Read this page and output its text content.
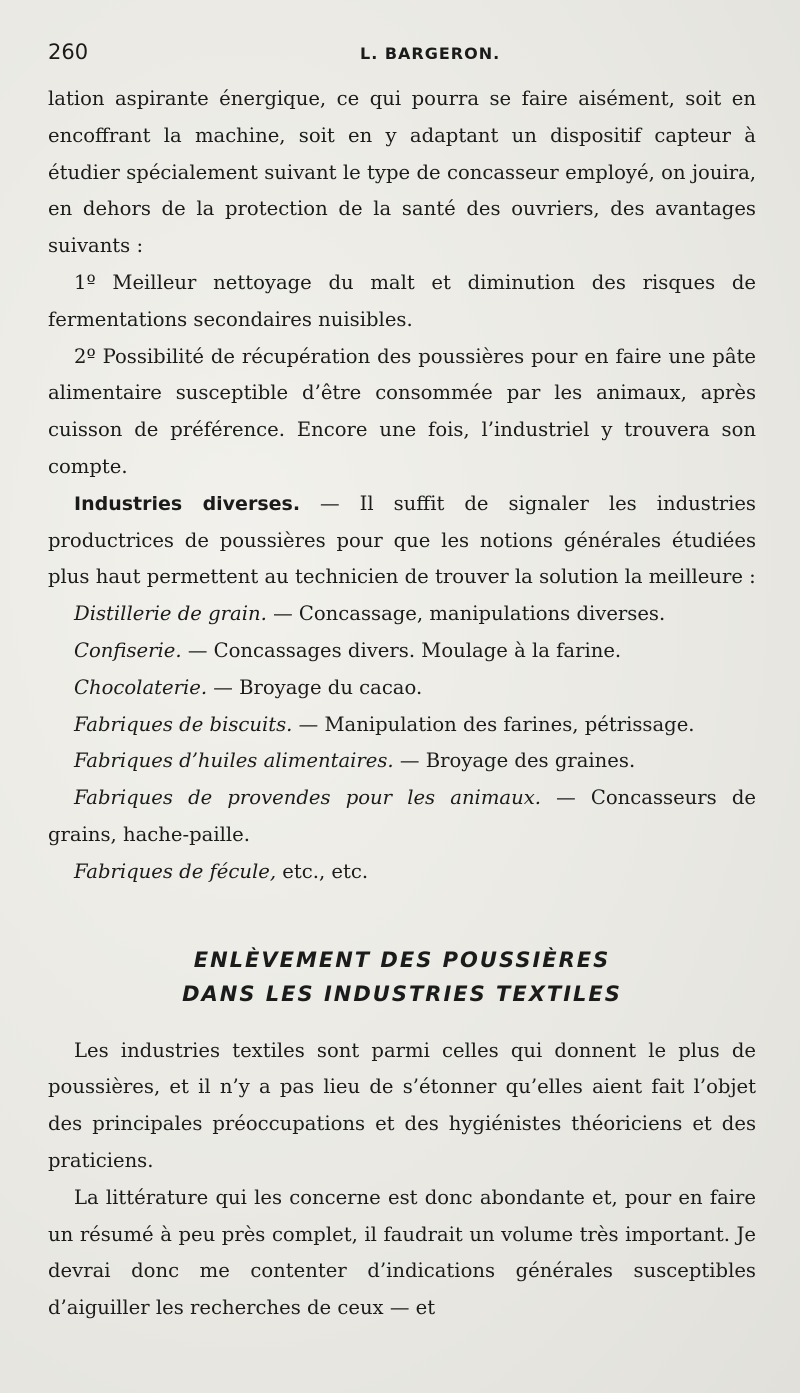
260	L. BARGERON.

lation aspirante énergique, ce qui pourra se faire aisément, soit en encoffrant la machine, soit en y adaptant un dispositif capteur à étudier spécialement suivant le type de concasseur employé, on jouira, en dehors de la protection de la santé des ouvriers, des avantages suivants :

1º Meilleur nettoyage du malt et diminution des risques de fermentations secondaires nuisibles.

2º Possibilité de récupération des poussières pour en faire une pâte alimentaire susceptible d’être consommée par les animaux, après cuisson de préférence. Encore une fois, l’industriel y trouvera son compte.

Industries diverses. — Il suffit de signaler les industries productrices de poussières pour que les notions générales étudiées plus haut permettent au technicien de trouver la solution la meilleure :

Distillerie de grain. — Concassage, manipulations diverses.

Confiserie. — Concassages divers. Moulage à la farine.

Chocolaterie. — Broyage du cacao.

Fabriques de biscuits. — Manipulation des farines, pétrissage.

Fabriques d’huiles alimentaires. — Broyage des graines.

Fabriques de provendes pour les animaux. — Concasseurs de grains, hache-paille.

Fabriques de fécule, etc., etc.

ENLÈVEMENT DES POUSSIÈRES
DANS LES INDUSTRIES TEXTILES

Les industries textiles sont parmi celles qui donnent le plus de poussières, et il n’y a pas lieu de s’étonner qu’elles aient fait l’objet des principales préoccupations et des hygiénistes théoriciens et des praticiens.

La littérature qui les concerne est donc abondante et, pour en faire un résumé à peu près complet, il faudrait un volume très important. Je devrai donc me contenter d’indications générales susceptibles d’aiguiller les recherches de ceux — et
